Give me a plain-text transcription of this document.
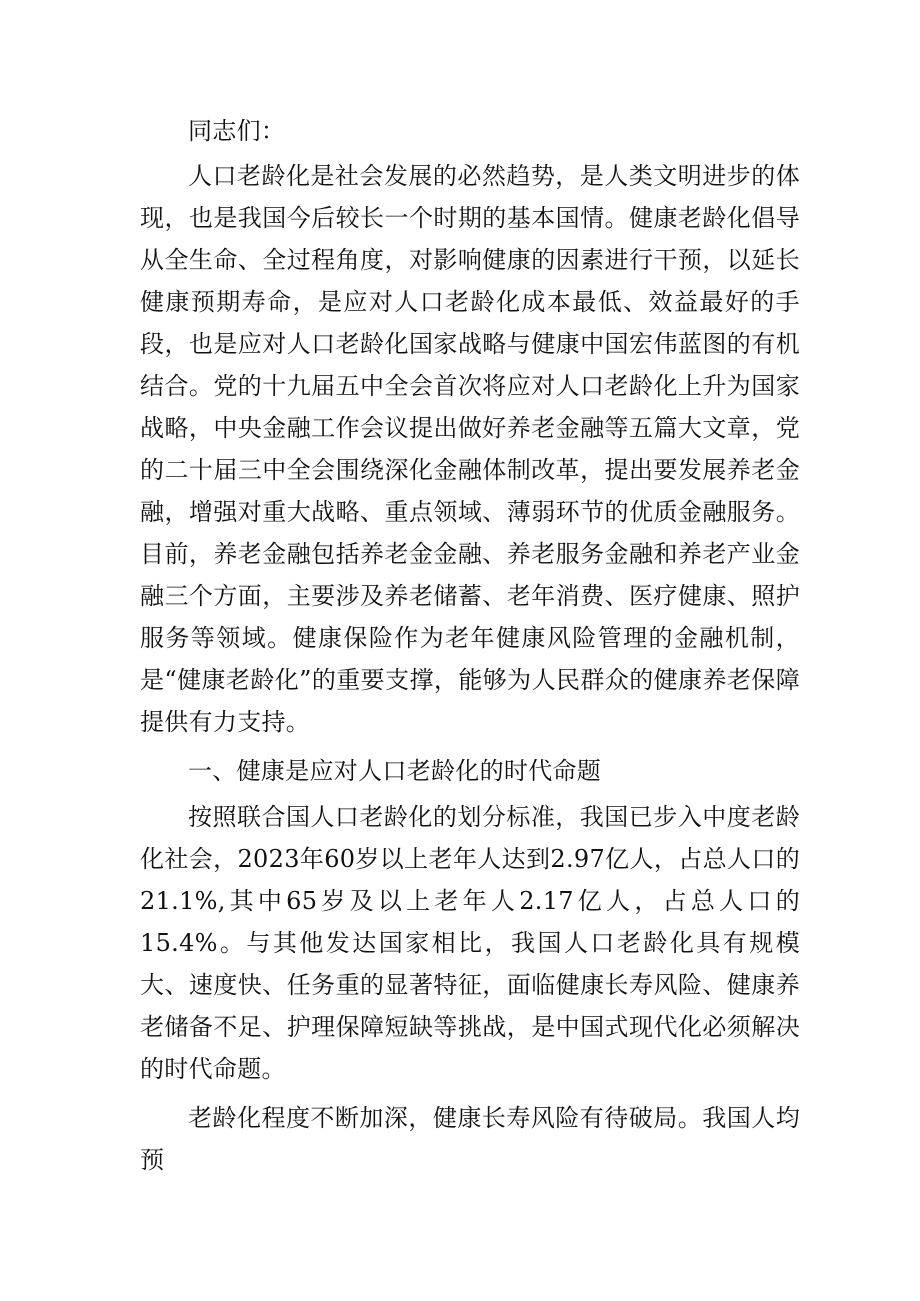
同志们：

人口老龄化是社会发展的必然趋势，是人类文明进步的体现，也是我国今后较长一个时期的基本国情。健康老龄化倡导从全生命、全过程角度，对影响健康的因素进行干预，以延长健康预期寿命，是应对人口老龄化成本最低、效益最好的手段，也是应对人口老龄化国家战略与健康中国宏伟蓝图的有机结合。党的十九届五中全会首次将应对人口老龄化上升为国家战略，中央金融工作会议提出做好养老金融等五篇大文章，党的二十届三中全会围绕深化金融体制改革，提出要发展养老金融，增强对重大战略、重点领域、薄弱环节的优质金融服务。目前，养老金融包括养老金金融、养老服务金融和养老产业金融三个方面，主要涉及养老储蓄、老年消费、医疗健康、照护服务等领域。健康保险作为老年健康风险管理的金融机制，是“健康老龄化”的重要支撑，能够为人民群众的健康养老保障提供有力支持。

一、健康是应对人口老龄化的时代命题

按照联合国人口老龄化的划分标准，我国已步入中度老龄化社会，2023年60岁以上老年人达到2.97亿人，占总人口的21.1%,其中65岁及以上老年人2.17亿人，占总人口的15.4%。与其他发达国家相比，我国人口老龄化具有规模大、速度快、任务重的显著特征，面临健康长寿风险、健康养老储备不足、护理保障短缺等挑战，是中国式现代化必须解决的时代命题。

老龄化程度不断加深，健康长寿风险有待破局。我国人均预
